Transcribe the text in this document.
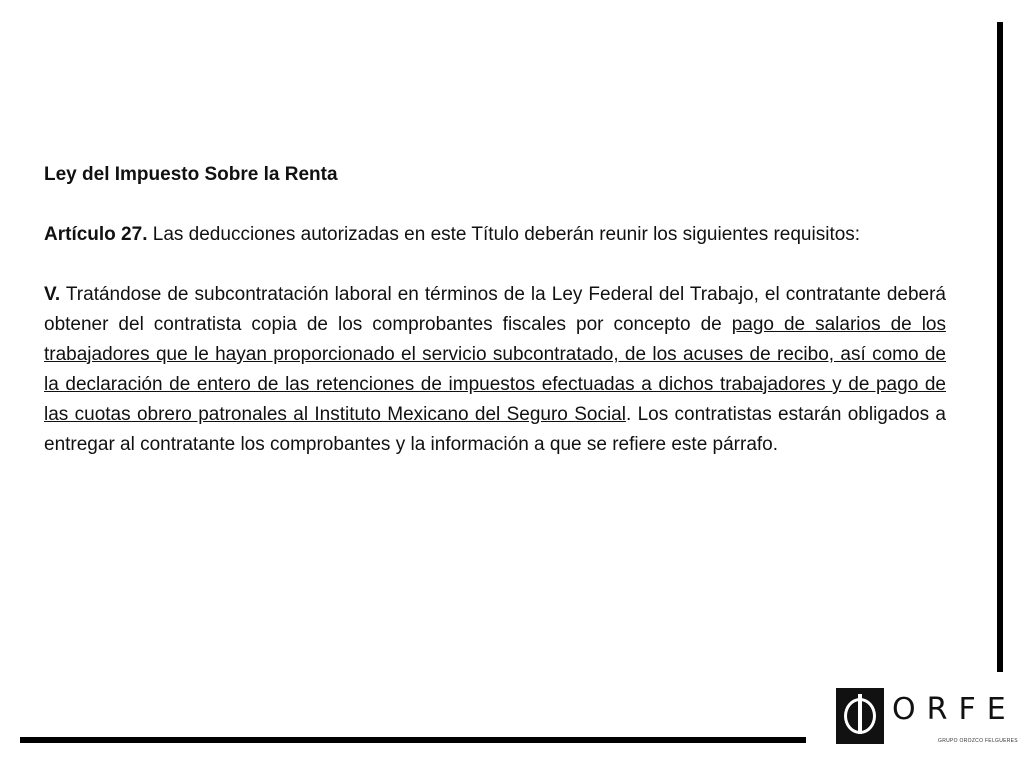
Ley del Impuesto Sobre la Renta

Artículo 27. Las deducciones autorizadas en este Título deberán reunir los siguientes requisitos:

V. Tratándose de subcontratación laboral en términos de la Ley Federal del Trabajo, el contratante deberá obtener del contratista copia de los comprobantes fiscales por concepto de pago de salarios de los trabajadores que le hayan proporcionado el servicio subcontratado, de los acuses de recibo, así como de la declaración de entero de las retenciones de impuestos efectuadas a dichos trabajadores y de pago de las cuotas obrero patronales al Instituto Mexicano del Seguro Social. Los contratistas estarán obligados a entregar al contratante los comprobantes y la información a que se refiere este párrafo.

ORFE
GRUPO OROZCO FELGUERES
